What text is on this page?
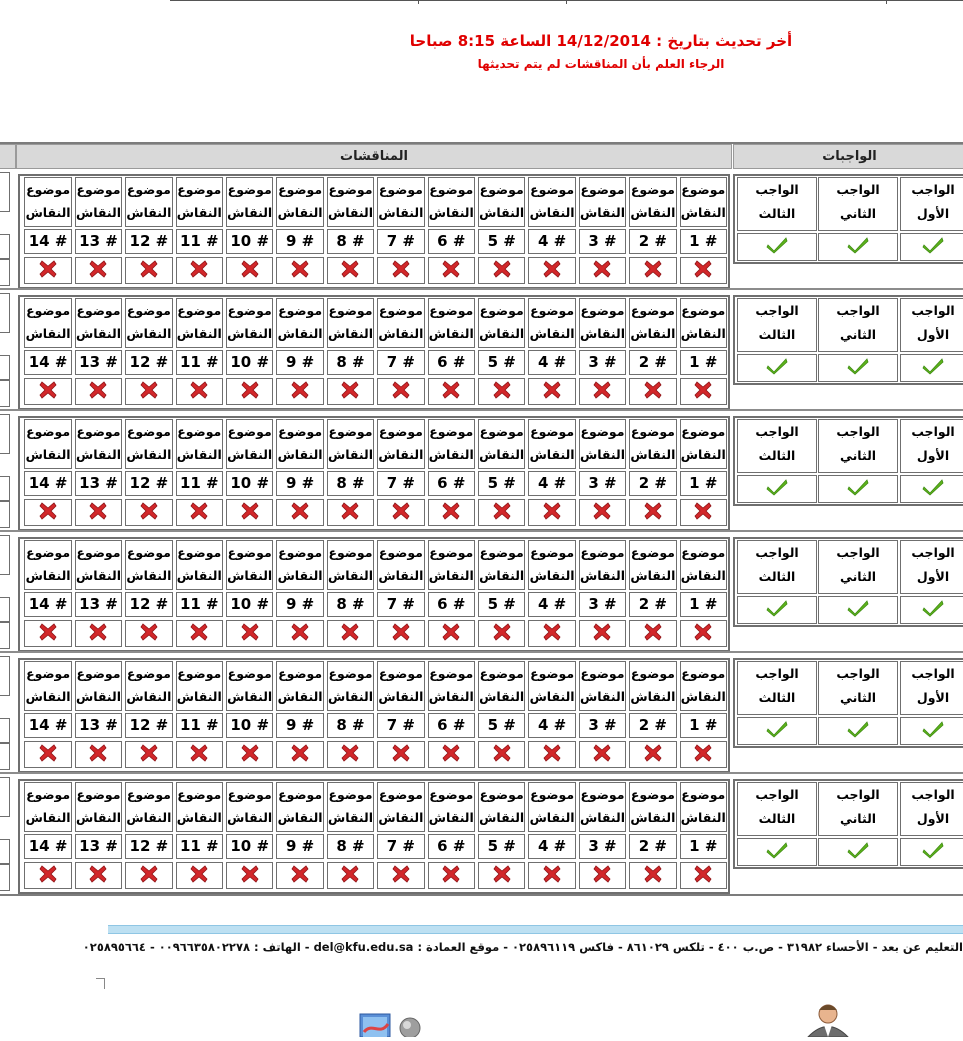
أخر تحديث بتاريخ : 14/12/2014 الساعة 8:15 صباحا
الرجاء العلم بأن المناقشات لم يتم تحديثها
المناقشات	الواجبات
موضوع
النقاش
1 #
موضوع
النقاش
2 #
موضوع
النقاش
3 #
موضوع
النقاش
4 #
موضوع
النقاش
5 #
موضوع
النقاش
6 #
موضوع
النقاش
7 #
موضوع
النقاش
8 #
موضوع
النقاش
9 #
موضوع
النقاش
10 #
موضوع
النقاش
11 #
موضوع
النقاش
12 #
موضوع
النقاش
13 #
موضوع
النقاش
14 #
الواجب
الأول
الواجب
الثاني
الواجب
الثالث
موضوع
النقاش
1 #
موضوع
النقاش
2 #
موضوع
النقاش
3 #
موضوع
النقاش
4 #
موضوع
النقاش
5 #
موضوع
النقاش
6 #
موضوع
النقاش
7 #
موضوع
النقاش
8 #
موضوع
النقاش
9 #
موضوع
النقاش
10 #
موضوع
النقاش
11 #
موضوع
النقاش
12 #
موضوع
النقاش
13 #
موضوع
النقاش
14 #
الواجب
الأول
الواجب
الثاني
الواجب
الثالث
موضوع
النقاش
1 #
موضوع
النقاش
2 #
موضوع
النقاش
3 #
موضوع
النقاش
4 #
موضوع
النقاش
5 #
موضوع
النقاش
6 #
موضوع
النقاش
7 #
موضوع
النقاش
8 #
موضوع
النقاش
9 #
موضوع
النقاش
10 #
موضوع
النقاش
11 #
موضوع
النقاش
12 #
موضوع
النقاش
13 #
موضوع
النقاش
14 #
الواجب
الأول
الواجب
الثاني
الواجب
الثالث
موضوع
النقاش
1 #
موضوع
النقاش
2 #
موضوع
النقاش
3 #
موضوع
النقاش
4 #
موضوع
النقاش
5 #
موضوع
النقاش
6 #
موضوع
النقاش
7 #
موضوع
النقاش
8 #
موضوع
النقاش
9 #
موضوع
النقاش
10 #
موضوع
النقاش
11 #
موضوع
النقاش
12 #
موضوع
النقاش
13 #
موضوع
النقاش
14 #
الواجب
الأول
الواجب
الثاني
الواجب
الثالث
موضوع
النقاش
1 #
موضوع
النقاش
2 #
موضوع
النقاش
3 #
موضوع
النقاش
4 #
موضوع
النقاش
5 #
موضوع
النقاش
6 #
موضوع
النقاش
7 #
موضوع
النقاش
8 #
موضوع
النقاش
9 #
موضوع
النقاش
10 #
موضوع
النقاش
11 #
موضوع
النقاش
12 #
موضوع
النقاش
13 #
موضوع
النقاش
14 #
الواجب
الأول
الواجب
الثاني
الواجب
الثالث
موضوع
النقاش
1 #
موضوع
النقاش
2 #
موضوع
النقاش
3 #
موضوع
النقاش
4 #
موضوع
النقاش
5 #
موضوع
النقاش
6 #
موضوع
النقاش
7 #
موضوع
النقاش
8 #
موضوع
النقاش
9 #
موضوع
النقاش
10 #
موضوع
النقاش
11 #
موضوع
النقاش
12 #
موضوع
النقاش
13 #
موضوع
النقاش
14 #
الواجب
الأول
الواجب
الثاني
الواجب
الثالث
التعليم عن بعد - الأحساء ٣١٩٨٢ - ص.ب ٤٠٠ - تلكس ٨٦١٠٢٩ - فاكس ٠٢٥٨٩٦١١٩ - موقع العمادة : del@kfu.edu.sa - الهاتف : ٠٠٩٦٦٣٥٨٠٢٢٧٨ - ٠٢٥٨٩٥٦٦٤
